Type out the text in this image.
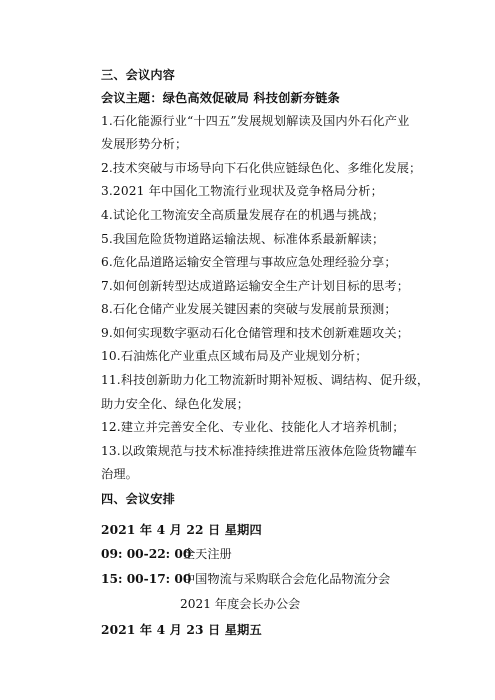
三、会议内容
会议主题：绿色高效促破局 科技创新夯链条
1.石化能源行业“十四五”发展规划解读及国内外石化产业
发展形势分析；
2.技术突破与市场导向下石化供应链绿色化、多维化发展；
3.2021 年中国化工物流行业现状及竞争格局分析；
4.试论化工物流安全高质量发展存在的机遇与挑战；
5.我国危险货物道路运输法规、标准体系最新解读；
6.危化品道路运输安全管理与事故应急处理经验分享；
7.如何创新转型达成道路运输安全生产计划目标的思考；
8.石化仓储产业发展关键因素的突破与发展前景预测；
9.如何实现数字驱动石化仓储管理和技术创新难题攻关；
10.石油炼化产业重点区域布局及产业规划分析；
11.科技创新助力化工物流新时期补短板、调结构、促升级，
助力安全化、绿色化发展；
12.建立并完善安全化、专业化、技能化人才培养机制；
13.以政策规范与技术标准持续推进常压液体危险货物罐车
治理。
四、会议安排
2021 年 4 月 22 日 星期四
09: 00-22: 00全天注册
15: 00-17: 00中国物流与采购联合会危化品物流分会
2021 年度会长办公会
2021 年 4 月 23 日 星期五
